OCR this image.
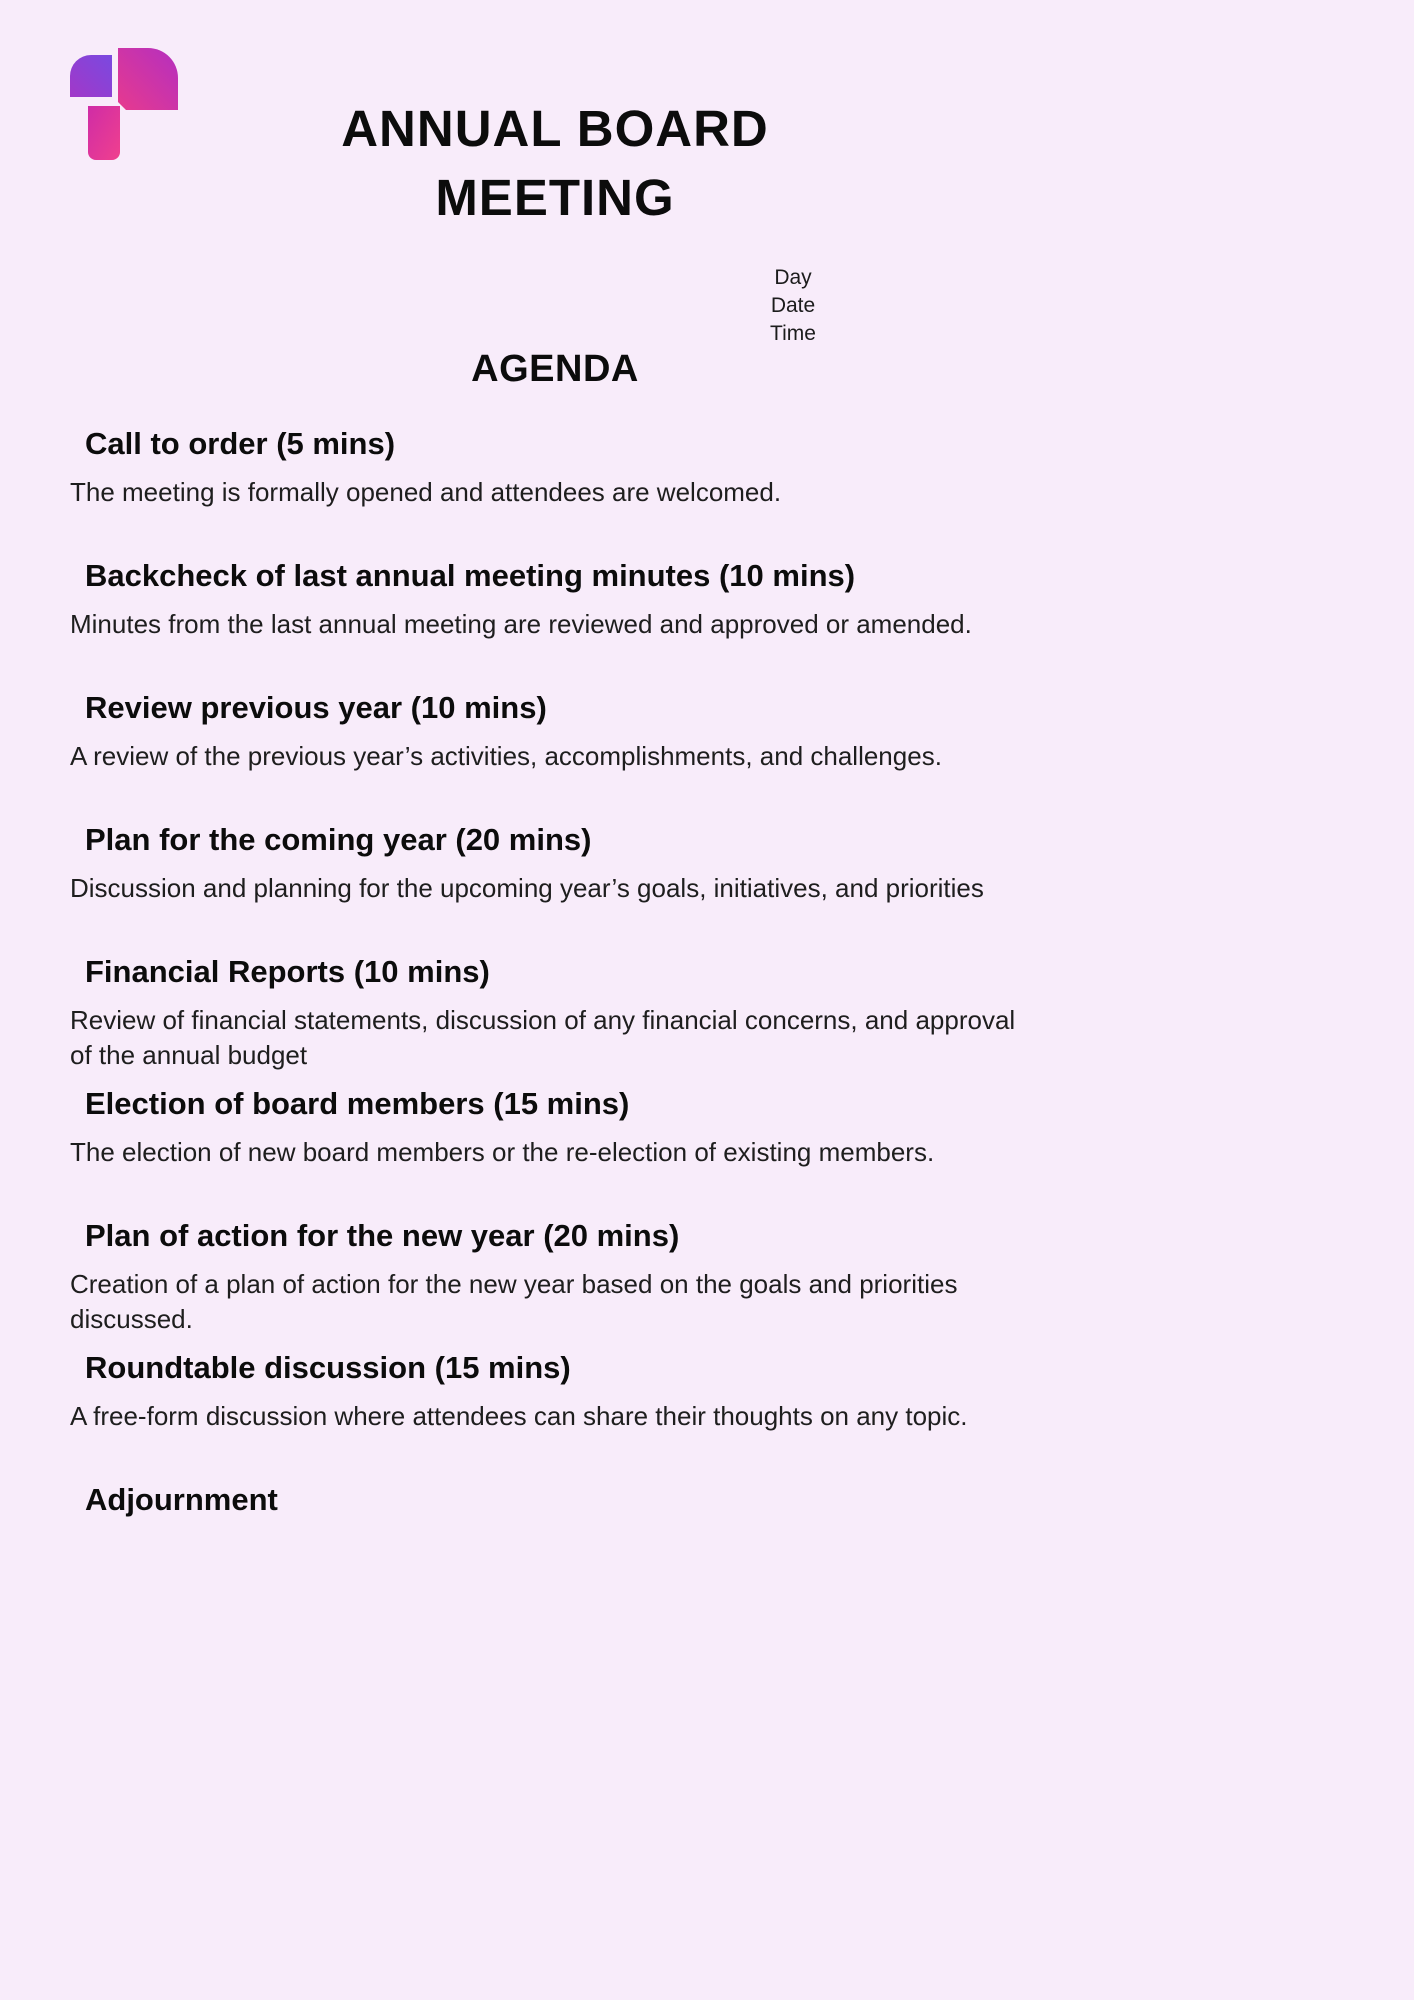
ANNUAL BOARD
MEETING
Day
Date
Time
AGENDA
Call to order (5 mins)

The meeting is formally opened and attendees are welcomed.

Backcheck of last annual meeting minutes (10 mins)

Minutes from the last annual meeting are reviewed and approved or amended.

Review previous year (10 mins)

A review of the previous year’s activities, accomplishments, and challenges.

Plan for the coming year (20 mins)

Discussion and planning for the upcoming year’s goals, initiatives, and priorities

Financial Reports (10 mins)

Review of financial statements, discussion of any financial concerns, and approval of the annual budget

Election of board members (15 mins)

The election of new board members or the re-election of existing members.

Plan of action for the new year (20 mins)

Creation of a plan of action for the new year based on the goals and priorities discussed.

Roundtable discussion (15 mins)

A free-form discussion where attendees can share their thoughts on any topic.

Adjournment
